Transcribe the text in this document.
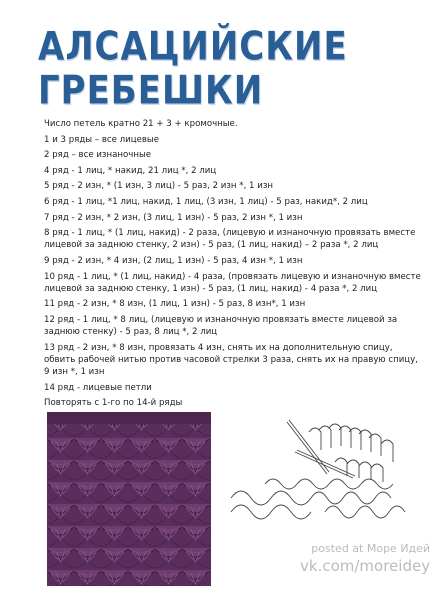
АЛСАЦИЙСКИЕ
ГРЕБЕШКИ

Число петель кратно 21 + 3 + кромочные.

1 и 3 ряды – все лицевые

2 ряд – все изнаночные

4 ряд - 1 лиц, * накид, 21 лиц *, 2 лиц

5 ряд - 2 изн, * (1 изн, 3 лиц) - 5 раз, 2 изн *, 1 изн

6 ряд - 1 лиц, *1 лиц, накид, 1 лиц, (3 изн, 1 лиц) - 5 раз, накид*, 2 лиц

7 ряд - 2 изн, * 2 изн, (3 лиц, 1 изн) - 5 раз, 2 изн *, 1 изн

8 ряд - 1 лиц, * (1 лиц, накид) - 2 раза, (лицевую и изнаночную провязать вместе лицевой за заднюю стенку, 2 изн) - 5 раз, (1 лиц, накид) – 2 раза *, 2 лиц

9 ряд - 2 изн, * 4 изн, (2 лиц, 1 изн) - 5 раз, 4 изн *, 1 изн

10 ряд - 1 лиц, * (1 лиц, накид) - 4 раза, (провязать лицевую и изнаночную вместе лицевой за заднюю стенку, 1 изн) - 5 раз, (1 лиц, накид) - 4 раза *, 2 лиц

11 ряд - 2 изн, * 8 изн, (1 лиц, 1 изн) - 5 раз, 8 изн*, 1 изн

12 ряд - 1 лиц, * 8 лиц, (лицевую и изнаночную провязать вместе лицевой за заднюю стенку) - 5 раз, 8 лиц *, 2 лиц

13 ряд - 2 изн, * 8 изн, провязать 4 изн, снять их на дополнительную спицу, обвить рабочей нитью против часовой стрелки 3 раза, снять их на правую спицу, 9 изн *, 1 изн

14 ряд - лицевые петли

Повторять с 1-го по 14-й ряды

posted at Море Идей
vk.com/moreidey
